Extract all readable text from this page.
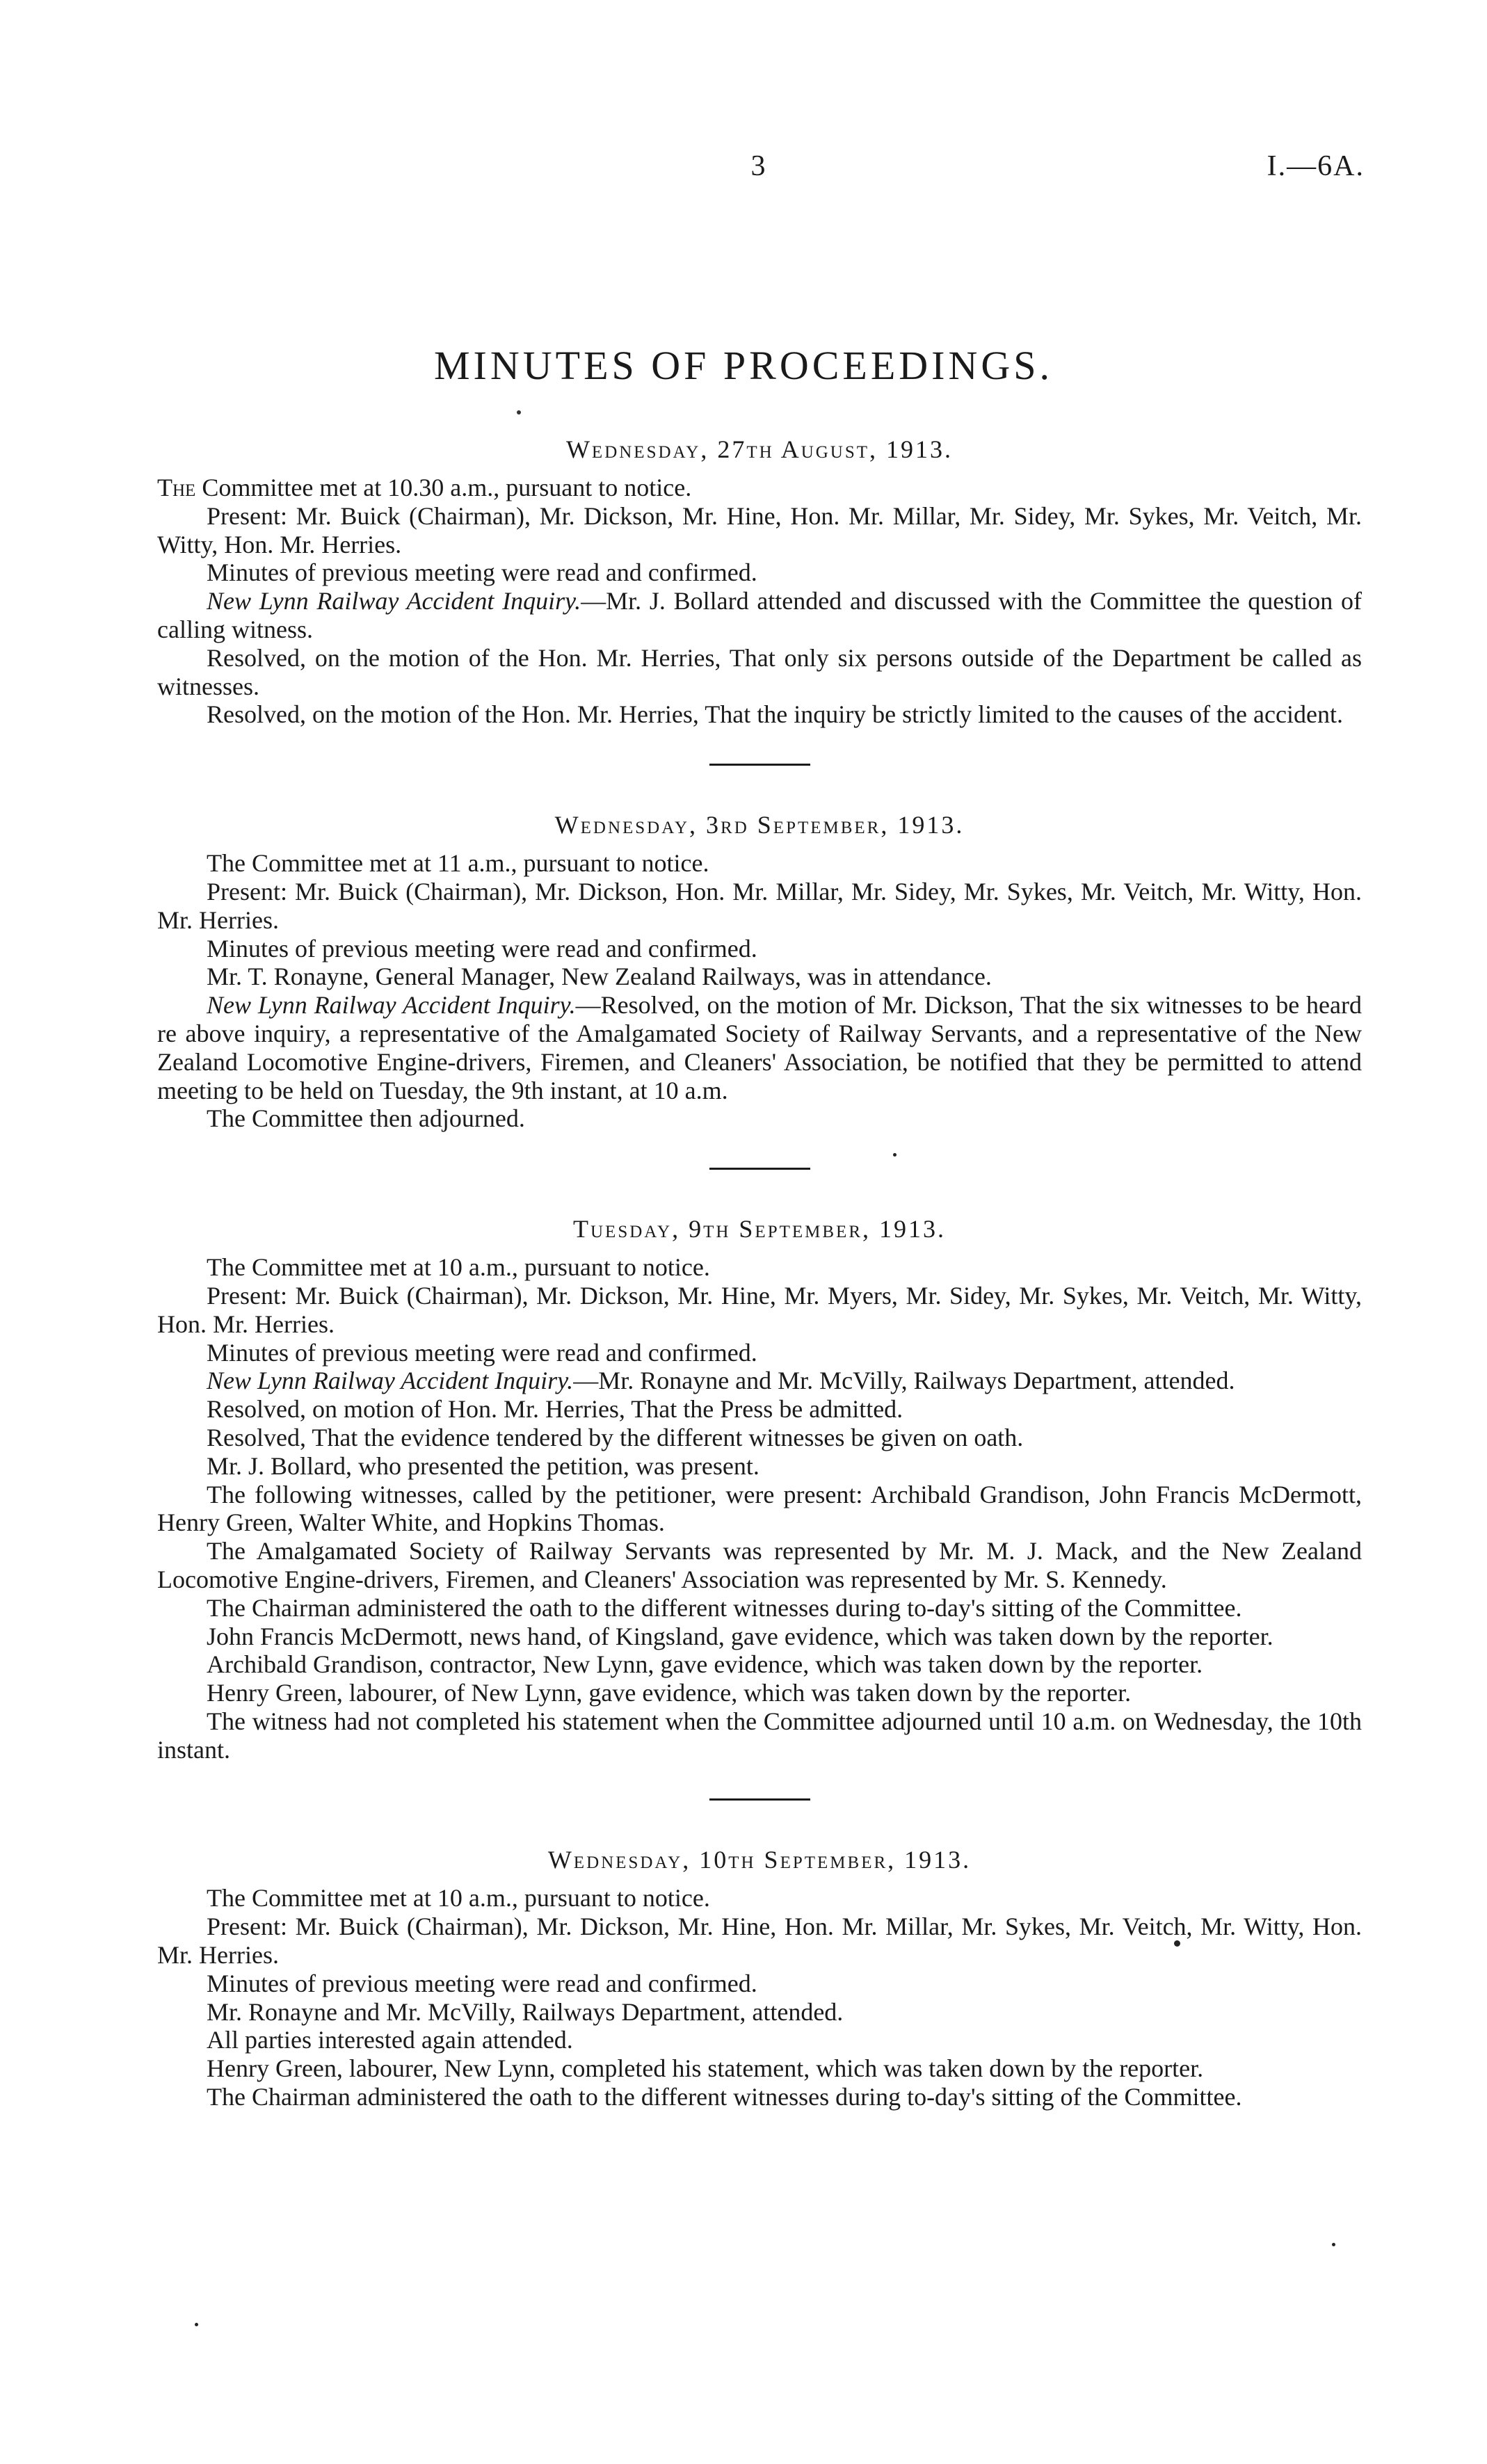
3	I.—6A.
MINUTES OF PROCEEDINGS.
Wednesday, 27th August, 1913.

The Committee met at 10.30 a.m., pursuant to notice.

Present: Mr. Buick (Chairman), Mr. Dickson, Mr. Hine, Hon. Mr. Millar, Mr. Sidey, Mr. Sykes, Mr. Veitch, Mr. Witty, Hon. Mr. Herries.

Minutes of previous meeting were read and confirmed.

New Lynn Railway Accident Inquiry.—Mr. J. Bollard attended and discussed with the Committee the question of calling witness.

Resolved, on the motion of the Hon. Mr. Herries, That only six persons outside of the Department be called as witnesses.

Resolved, on the motion of the Hon. Mr. Herries, That the inquiry be strictly limited to the causes of the accident.

Wednesday, 3rd September, 1913.

The Committee met at 11 a.m., pursuant to notice.

Present: Mr. Buick (Chairman), Mr. Dickson, Hon. Mr. Millar, Mr. Sidey, Mr. Sykes, Mr. Veitch, Mr. Witty, Hon. Mr. Herries.

Minutes of previous meeting were read and confirmed.

Mr. T. Ronayne, General Manager, New Zealand Railways, was in attendance.

New Lynn Railway Accident Inquiry.—Resolved, on the motion of Mr. Dickson, That the six witnesses to be heard re above inquiry, a representative of the Amalgamated Society of Railway Servants, and a representative of the New Zealand Locomotive Engine-drivers, Firemen, and Cleaners' Association, be notified that they be permitted to attend meeting to be held on Tuesday, the 9th instant, at 10 a.m.

The Committee then adjourned.

Tuesday, 9th September, 1913.

The Committee met at 10 a.m., pursuant to notice.

Present: Mr. Buick (Chairman), Mr. Dickson, Mr. Hine, Mr. Myers, Mr. Sidey, Mr. Sykes, Mr. Veitch, Mr. Witty, Hon. Mr. Herries.

Minutes of previous meeting were read and confirmed.

New Lynn Railway Accident Inquiry.—Mr. Ronayne and Mr. McVilly, Railways Department, attended.

Resolved, on motion of Hon. Mr. Herries, That the Press be admitted.

Resolved, That the evidence tendered by the different witnesses be given on oath.

Mr. J. Bollard, who presented the petition, was present.

The following witnesses, called by the petitioner, were present: Archibald Grandison, John Francis McDermott, Henry Green, Walter White, and Hopkins Thomas.

The Amalgamated Society of Railway Servants was represented by Mr. M. J. Mack, and the New Zealand Locomotive Engine-drivers, Firemen, and Cleaners' Association was represented by Mr. S. Kennedy.

The Chairman administered the oath to the different witnesses during to-day's sitting of the Committee.

John Francis McDermott, news hand, of Kingsland, gave evidence, which was taken down by the reporter.

Archibald Grandison, contractor, New Lynn, gave evidence, which was taken down by the reporter.

Henry Green, labourer, of New Lynn, gave evidence, which was taken down by the reporter.

The witness had not completed his statement when the Committee adjourned until 10 a.m. on Wednesday, the 10th instant.

Wednesday, 10th September, 1913.

The Committee met at 10 a.m., pursuant to notice.

Present: Mr. Buick (Chairman), Mr. Dickson, Mr. Hine, Hon. Mr. Millar, Mr. Sykes, Mr. Veitch, Mr. Witty, Hon. Mr. Herries.

Minutes of previous meeting were read and confirmed.

Mr. Ronayne and Mr. McVilly, Railways Department, attended.

All parties interested again attended.

Henry Green, labourer, New Lynn, completed his statement, which was taken down by the reporter.

The Chairman administered the oath to the different witnesses during to-day's sitting of the Committee.
